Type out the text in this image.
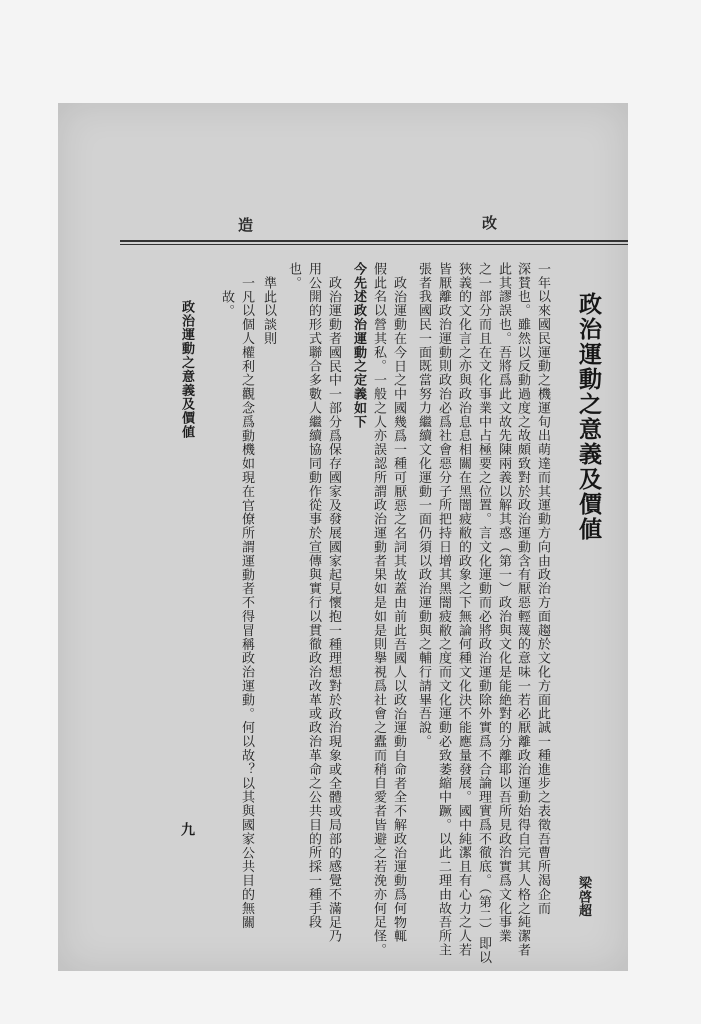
造	改
政治運動之意義及價値
梁啓超
一年以來國民運動之機運旬出萌達而其運動方向由政治方面趨於文化方面此誠一種進步之表徵吾曹所渴企而
深賛也。雖然以反動過度之故頗致對於政治運動含有厭惡輕蔑的意味一若必厭離政治運動始得自完其人格之純潔者
此其謬誤也。吾將爲此文故先陳兩義以解其惑（第一）政治與文化是能絶對的分離耶以吾所見政治實爲文化事業
之一部分而且在文化事業中占極要之位置。言文化運動而必將政治運動除外實爲不合論理實爲不徹底。（第二）即以
狹義的文化言之亦與政治息息相關在黑闇疲敝的政象之下無論何種文化決不能應量發展。國中純潔且有心力之人若
皆厭離政治運動則政治必爲社會惡分子所把持日增其黑闇疲敝之度而文化運動必致萎縮中蹶。以此二理由故吾所主
張者我國民一面既當努力繼續文化運動一面仍須以政治運動與之輔行請畢吾說。
政治運動在今日之中國幾爲一種可厭惡之名詞其故蓋由前此吾國人以政治運動自命者全不解政治運動爲何物輒
假此名以營其私。一般之人亦誤認所謂政治運動者果如是如是則擧視爲社會之蠹而稍自愛者皆避之若浼亦何足怪。
今先述政治運動之定義如下
政治運動者國民中一部分爲保存國家及發展國家起見懷抱一種理想對於政治現象或全體或局部的感覺不滿足乃
用公開的形式聯合多數人繼續協同動作從事於宣傳與實行以貫徹政治改革或政治革命之公共目的所採一種手段
也。
準此以談則
一凡以個人權利之觀念爲動機如現在官僚所謂運動者不得冒稱政治運動。何以故？以其與國家公共目的無關
故。
政治運動之意義及價値
九
